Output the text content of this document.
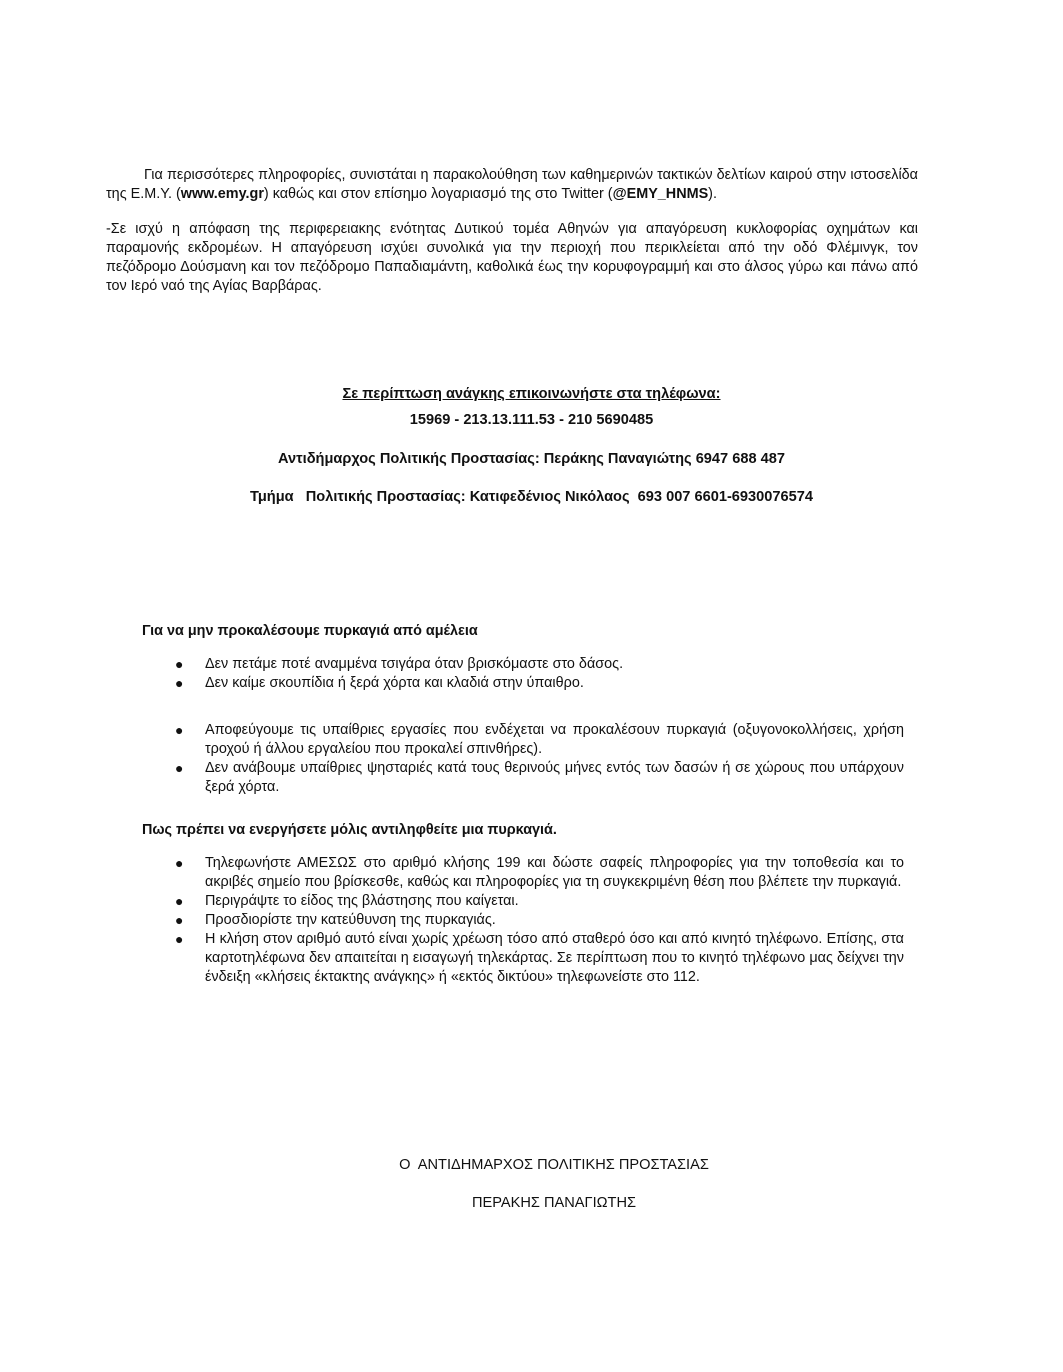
Για περισσότερες πληροφορίες, συνιστάται η παρακολούθηση των καθημερινών τακτικών δελτίων καιρού στην ιστοσελίδα της Ε.Μ.Υ. (www.emy.gr) καθώς και στον επίσημο λογαριασμό της στο Twitter (@EMY_HNMS).

-Σε ισχύ η απόφαση της περιφερειακης ενότητας Δυτικού τομέα Αθηνών για απαγόρευση κυκλοφορίας οχημάτων και παραμονής εκδρομέων. Η απαγόρευση ισχύει συνολικά για την περιοχή που περικλείεται από την οδό Φλέμινγκ, τον πεζόδρομο Δούσμανη και τον πεζόδρομο Παπαδιαμάντη, καθολικά έως την κορυφογραμμή και στο άλσος γύρω και πάνω από τον Ιερό ναό της Αγίας Βαρβάρας.

Σε περίπτωση ανάγκης επικοινωνήστε στα τηλέφωνα:
15969 - 213.13.111.53 - 210 5690485
Αντιδήμαρχος Πολιτικής Προστασίας: Περάκης Παναγιώτης 6947 688 487
Τμήμα   Πολιτικής Προστασίας: Κατιφεδένιος Νικόλαος  693 007 6601-6930076574
Για να μην προκαλέσουμε πυρκαγιά από αμέλεια
● Δεν πετάμε ποτέ αναμμένα τσιγάρα όταν βρισκόμαστε στο δάσος.
● Δεν καίμε σκουπίδια ή ξερά χόρτα και κλαδιά στην ύπαιθρο.
● Αποφεύγουμε τις υπαίθριες εργασίες που ενδέχεται να προκαλέσουν πυρκαγιά (οξυγονοκολλήσεις, χρήση τροχού ή άλλου εργαλείου που προκαλεί σπινθήρες).
● Δεν ανάβουμε υπαίθριες ψησταριές κατά τους θερινούς μήνες εντός των δασών ή σε χώρους που υπάρχουν ξερά χόρτα.
Πως πρέπει να ενεργήσετε μόλις αντιληφθείτε μια πυρκαγιά.
● Τηλεφωνήστε ΑΜΕΣΩΣ στο αριθμό κλήσης 199 και δώστε σαφείς πληροφορίες για την τοποθεσία και το ακριβές σημείο που βρίσκεσθε, καθώς και πληροφορίες για τη συγκεκριμένη θέση που βλέπετε την πυρκαγιά.
● Περιγράψτε το είδος της βλάστησης που καίγεται.
● Προσδιορίστε την κατεύθυνση της πυρκαγιάς.
● Η κλήση στον αριθμό αυτό είναι χωρίς χρέωση τόσο από σταθερό όσο και από κινητό τηλέφωνο. Επίσης, στα καρτοτηλέφωνα δεν απαιτείται η εισαγωγή τηλεκάρτας. Σε περίπτωση που το κινητό τηλέφωνο μας δείχνει την ένδειξη «κλήσεις έκτακτης ανάγκης» ή «εκτός δικτύου» τηλεφωνείστε στο 112.
Ο  ΑΝΤΙΔΗΜΑΡΧΟΣ ΠΟΛΙΤΙΚΗΣ ΠΡΟΣΤΑΣΙΑΣ
ΠΕΡΑΚΗΣ ΠΑΝΑΓΙΩΤΗΣ
